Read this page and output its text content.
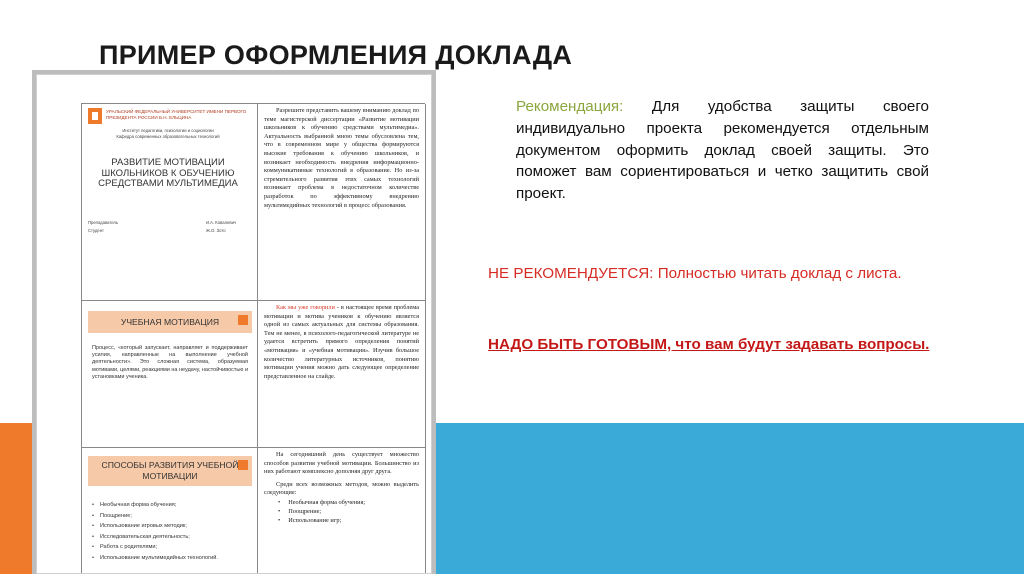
ПРИМЕР ОФОРМЛЕНИЯ ДОКЛАДА
УРАЛЬСКИЙ ФЕДЕРАЛЬНЫЙ УНИВЕРСИТЕТ ИМЕНИ ПЕРВОГО ПРЕЗИДЕНТА РОССИИ Б.Н. ЕЛЬЦИНА
Институт педагогики, психологии и социологии
Кафедра современных образовательных технологий
РАЗВИТИЕ МОТИВАЦИИ ШКОЛЬНИКОВ К ОБУЧЕНИЮ СРЕДСТВАМИ МУЛЬТИМЕДИА
Преподаватель	И.А. Ковалевич
Студент	Ж.О. Зото

Разрешите представить вашему вниманию доклад по теме магистерской диссертации «Развитие мотивации школьников к обучению средствами мультимедиа». Актуальность выбранной мною темы обусловлена тем, что в современном мире у общества формируются высокие требования к обучению школьников, и возникает необходимость внедрения информационно-коммуникативные технологий в образование. Но из-за стремительного развития этих самых технологий возникает проблема в недостаточном количестве разработок по эффективному внедрению мультимедийных технологий в процесс образования.

УЧЕБНАЯ МОТИВАЦИЯ
Процесс, «который запускает, направляет и поддерживает усилия, направленные на выполнение учебной деятельности». Это сложная система, образуемая мотивами, целями, реакциями на неудачу, настойчивостью и установками ученика.

Как мы уже говорили - в настоящее время проблема мотивации и мотива учеников к обучению является одной из самых актуальных для системы образования. Тем не менее, в психолого-педагогической литературе не удается встретить прямого определения понятий «мотивация» и «учебная мотивация». Изучив большое количество литературных источников, понятию мотивации учения можно дать следующее определение представленное на слайде.

СПОСОБЫ РАЗВИТИЯ УЧЕБНОЙ МОТИВАЦИИ
• Необычная форма обучения;
• Поощрение;
• Использование игровых методик;
• Исследовательская деятельность;
• Работа с родителями;
• Использование мультимедийных технологий.

На сегодняшний день существует множество способов развития учебной мотивации. Большинство из них работают комплексно дополняя друг друга.

Среди всех возможных методов, можно выделить следующие:

• Необычная форма обучения;
• Поощрение;
• Использование игр;
Рекомендация: Для удобства защиты своего индивидуально проекта рекомендуется отдельным документом оформить доклад своей защиты. Это поможет вам сориентироваться и четко защитить свой проект.
НЕ РЕКОМЕНДУЕТСЯ: Полностью читать доклад с листа.
НАДО БЫТЬ ГОТОВЫМ, что вам будут задавать вопросы.
